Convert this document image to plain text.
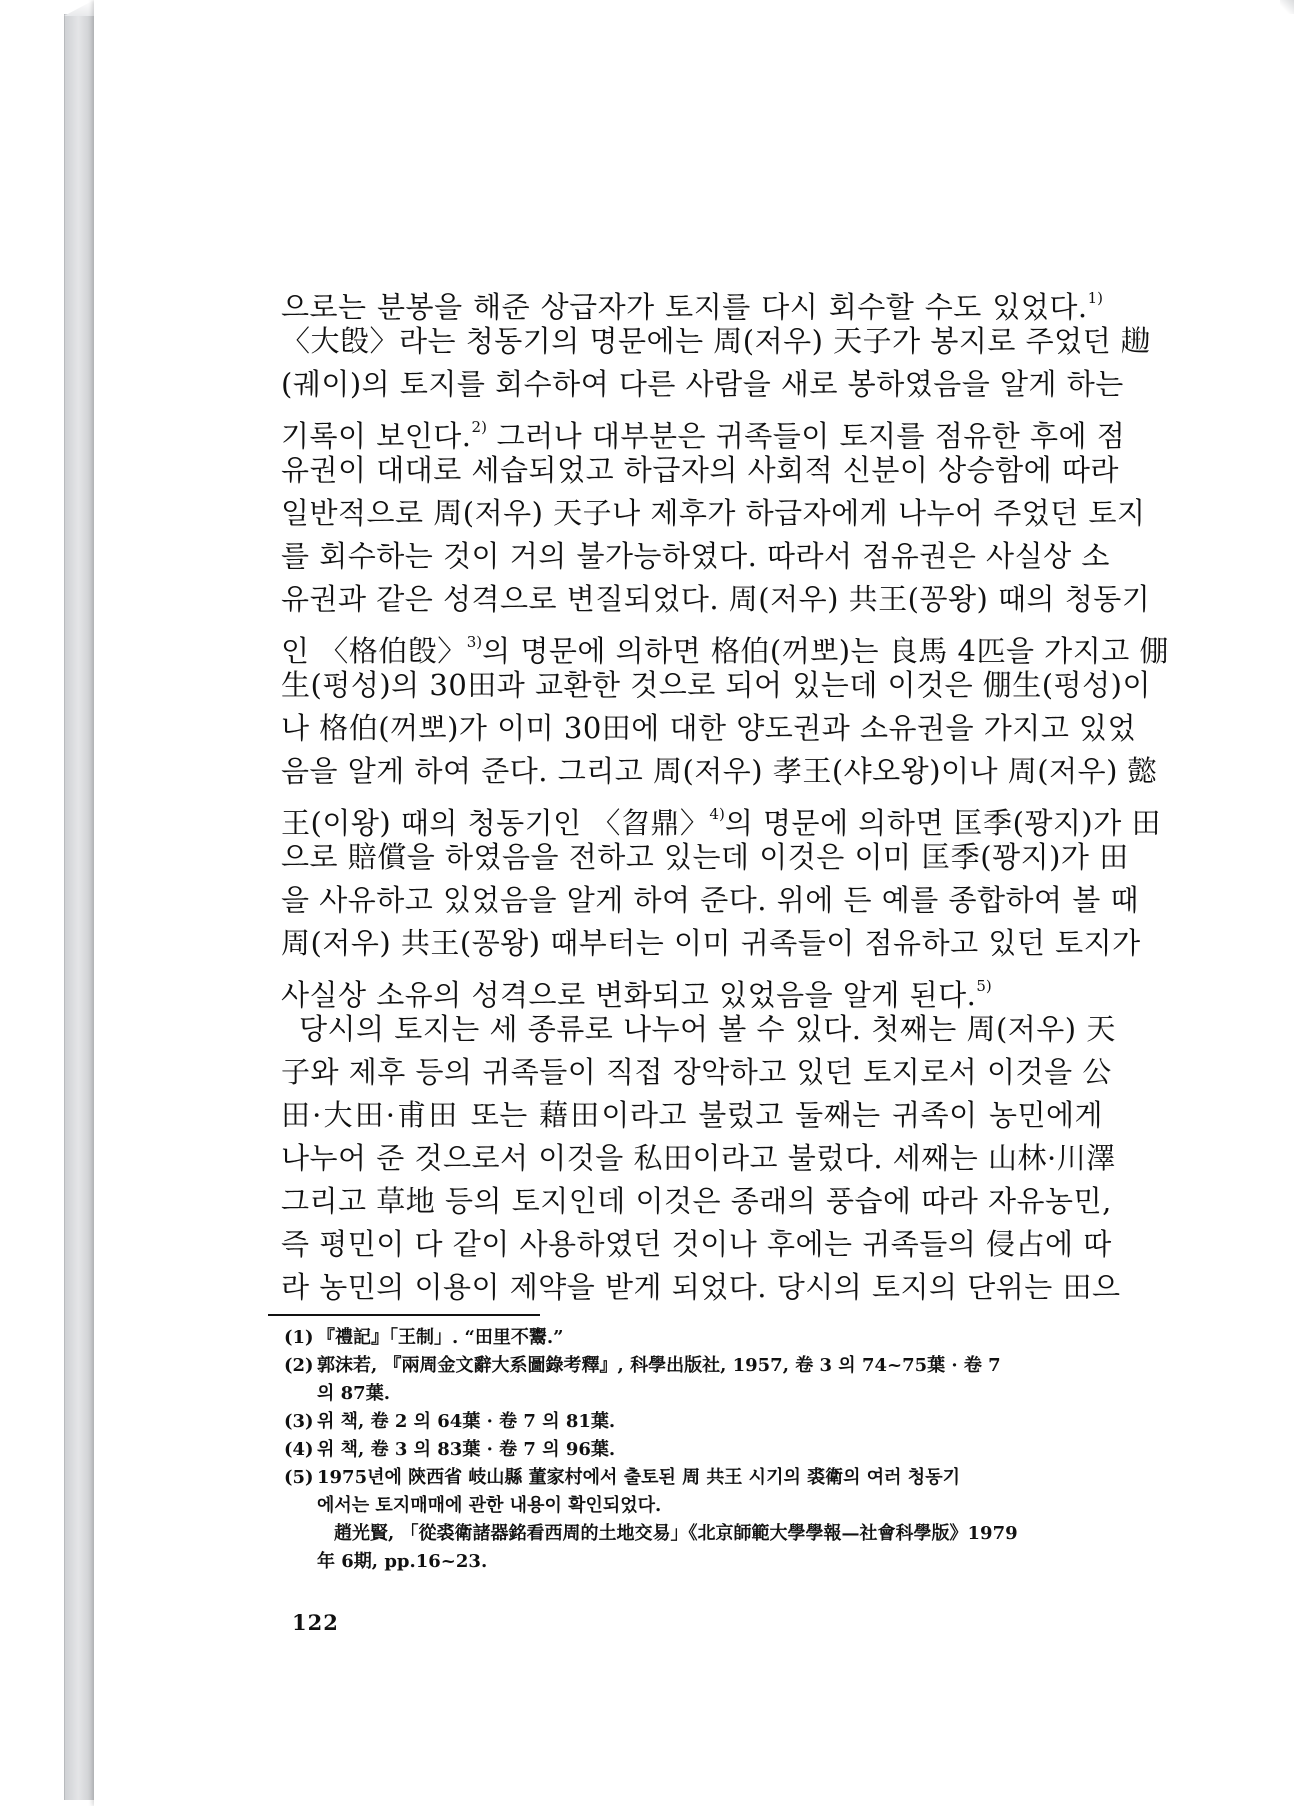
으로는 분봉을 해준 상급자가 토지를 다시 회수할 수도 있었다.$^{1)}$
〈大𣪘〉라는 청동기의 명문에는 周(저우) 天子가 봉지로 주었던 𧼦
(궤이)의 토지를 회수하여 다른 사람을 새로 봉하였음을 알게 하는
기록이 보인다.$^{2)}$ 그러나 대부분은 귀족들이 토지를 점유한 후에 점
유권이 대대로 세습되었고 하급자의 사회적 신분이 상승함에 따라
일반적으로 周(저우) 天子나 제후가 하급자에게 나누어 주었던 토지
를 회수하는 것이 거의 불가능하였다. 따라서 점유권은 사실상 소
유권과 같은 성격으로 변질되었다. 周(저우) 共王(꽁왕) 때의 청동기
인 〈格伯𣪘〉$^{3)}$의 명문에 의하면 格伯(꺼뽀)는 良馬 4匹을 가지고 倗
生(펑성)의 30田과 교환한 것으로 되어 있는데 이것은 倗生(펑성)이
나 格伯(꺼뽀)가 이미 30田에 대한 양도권과 소유권을 가지고 있었
음을 알게 하여 준다. 그리고 周(저우) 孝王(샤오왕)이나 周(저우) 懿
王(이왕) 때의 청동기인 〈曶鼎〉$^{4)}$의 명문에 의하면 匡季(꽝지)가 田
으로 賠償을 하였음을 전하고 있는데 이것은 이미 匡季(꽝지)가 田
을 사유하고 있었음을 알게 하여 준다. 위에 든 예를 종합하여 볼 때
周(저우) 共王(꽁왕) 때부터는 이미 귀족들이 점유하고 있던 토지가
사실상 소유의 성격으로 변화되고 있었음을 알게 된다.$^{5)}$
당시의 토지는 세 종류로 나누어 볼 수 있다. 첫째는 周(저우) 天
子와 제후 등의 귀족들이 직접 장악하고 있던 토지로서 이것을 公
田·大田·甫田 또는 藉田이라고 불렀고 둘째는 귀족이 농민에게
나누어 준 것으로서 이것을 私田이라고 불렀다. 세째는 山林·川澤
그리고 草地 등의 토지인데 이것은 종래의 풍습에 따라 자유농민,
즉 평민이 다 같이 사용하였던 것이나 후에는 귀족들의 侵占에 따
라 농민의 이용이 제약을 받게 되었다. 당시의 토지의 단위는 田으
(1) 『禮記』「王制」. “田里不鬻.”
(2) 郭沫若, 『兩周金文辭大系圖錄考釋』, 科學出版社, 1957, 卷 3 의 74~75葉 · 卷 7
의 87葉.
(3) 위 책, 卷 2 의 64葉 · 卷 7 의 81葉.
(4) 위 책, 卷 3 의 83葉 · 卷 7 의 96葉.
(5) 1975년에 陝西省 岐山縣 董家村에서 출토된 周 共王 시기의 裘衛의 여러 청동기
에서는 토지매매에 관한 내용이 확인되었다.
趙光賢, 「從裘衛諸器銘看西周的土地交易」《北京師範大學學報—社會科學版》1979
年 6期, pp.16~23.
122
